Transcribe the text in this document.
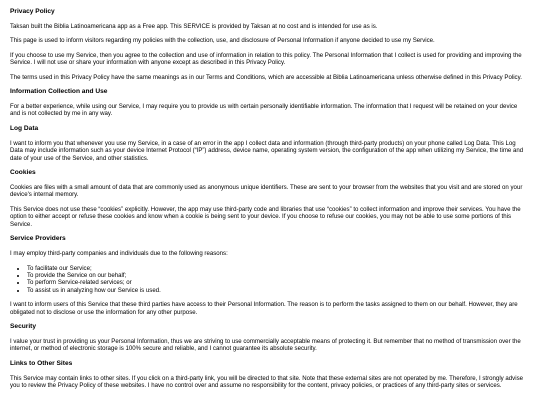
Privacy Policy
Taksan built the Biblia Latinoamericana app as a Free app. This SERVICE is provided by Taksan at no cost and is intended for use as is.
This page is used to inform visitors regarding my policies with the collection, use, and disclosure of Personal Information if anyone decided to use my Service.
If you choose to use my Service, then you agree to the collection and use of information in relation to this policy. The Personal Information that I collect is used for providing and improving the Service. I will not use or share your information with anyone except as described in this Privacy Policy.
The terms used in this Privacy Policy have the same meanings as in our Terms and Conditions, which are accessible at Biblia Latinoamericana unless otherwise defined in this Privacy Policy.
Information Collection and Use
For a better experience, while using our Service, I may require you to provide us with certain personally identifiable information. The information that I request will be retained on your device and is not collected by me in any way.
Log Data
I want to inform you that whenever you use my Service, in a case of an error in the app I collect data and information (through third-party products) on your phone called Log Data. This Log Data may include information such as your device Internet Protocol (“IP”) address, device name, operating system version, the configuration of the app when utilizing my Service, the time and date of your use of the Service, and other statistics.
Cookies
Cookies are files with a small amount of data that are commonly used as anonymous unique identifiers. These are sent to your browser from the websites that you visit and are stored on your device's internal memory.
This Service does not use these “cookies” explicitly. However, the app may use third-party code and libraries that use “cookies” to collect information and improve their services. You have the option to either accept or refuse these cookies and know when a cookie is being sent to your device. If you choose to refuse our cookies, you may not be able to use some portions of this Service.
Service Providers
I may employ third-party companies and individuals due to the following reasons:
• To facilitate our Service;
• To provide the Service on our behalf;
• To perform Service-related services; or
• To assist us in analyzing how our Service is used.
I want to inform users of this Service that these third parties have access to their Personal Information. The reason is to perform the tasks assigned to them on our behalf. However, they are obligated not to disclose or use the information for any other purpose.
Security
I value your trust in providing us your Personal Information, thus we are striving to use commercially acceptable means of protecting it. But remember that no method of transmission over the internet, or method of electronic storage is 100% secure and reliable, and I cannot guarantee its absolute security.
Links to Other Sites
This Service may contain links to other sites. If you click on a third-party link, you will be directed to that site. Note that these external sites are not operated by me. Therefore, I strongly advise you to review the Privacy Policy of these websites. I have no control over and assume no responsibility for the content, privacy policies, or practices of any third-party sites or services.
